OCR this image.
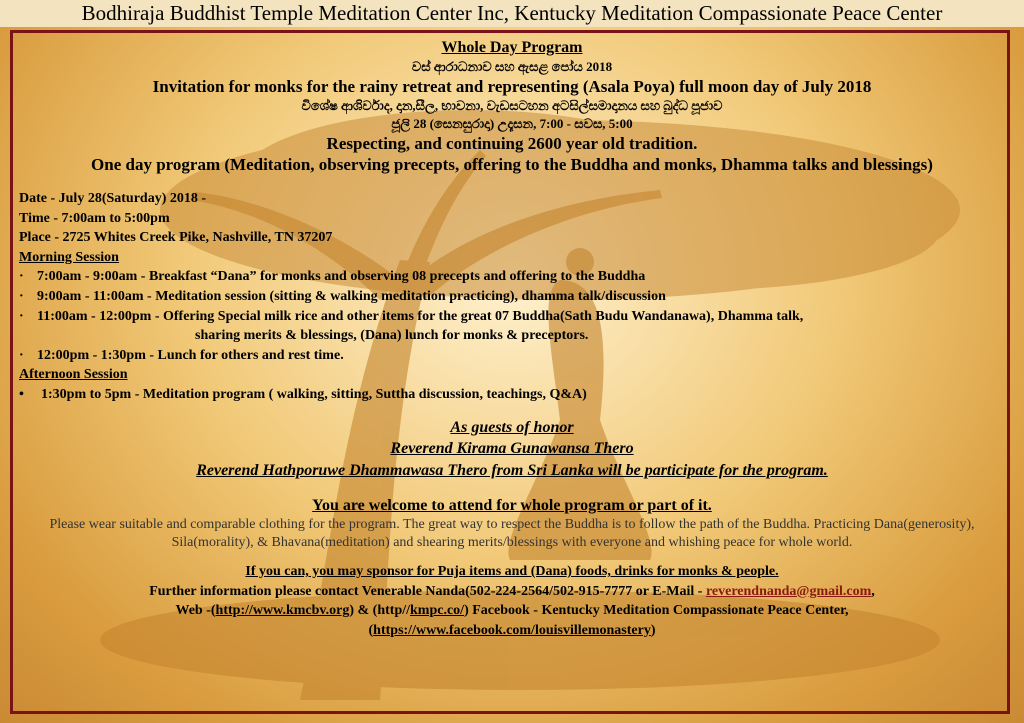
Bodhiraja Buddhist Temple Meditation Center Inc, Kentucky Meditation Compassionate Peace Center
Whole Day Program
වස් ආරාධනාව සහ ඇසළ පෝය 2018
Invitation for monks for the rainy retreat and representing (Asala Poya) full moon day of July 2018
විශේෂ ආශිර්වාද, දාන,සීල, භාවනා, වැඩසටහන අටසිල්සමාදානය සහ බුද්ධ පූජාව
ජූලි 28 (සෙනසුරාදා) උදෑසන, 7:00 - සවස, 5:00
Respecting, and continuing 2600 year old tradition.
One day program (Meditation, observing precepts, offering to the Buddha and monks, Dhamma talks and blessings)
Date - July 28(Saturday) 2018 -
Time - 7:00am to 5:00pm
Place - 2725 Whites Creek Pike, Nashville, TN 37207
Morning Session
· 7:00am - 9:00am - Breakfast “Dana” for monks and observing 08 precepts and offering to the Buddha
· 9:00am - 11:00am - Meditation session (sitting & walking meditation practicing), dhamma talk/discussion
· 11:00am - 12:00pm - Offering Special milk rice and other items for the great 07 Buddha(Sath Budu Wandanawa), Dhamma talk,
sharing merits & blessings, (Dana) lunch for monks & preceptors.
· 12:00pm - 1:30pm - Lunch for others and rest time.
Afternoon Session
•	1:30pm to 5pm - Meditation program ( walking, sitting, Suttha discussion, teachings, Q&A)
As guests of honor
Reverend Kirama Gunawansa Thero
Reverend Hathporuwe Dhammawasa Thero from Sri Lanka will be participate for the program.
You are welcome to attend for whole program or part of it.
Please wear suitable and comparable clothing for the program. The great way to respect the Buddha is to follow the path of the Buddha. Practicing Dana(generosity), Sila(morality), & Bhavana(meditation) and shearing merits/blessings with everyone and whishing peace for whole world.
If you can, you may sponsor for Puja items and (Dana) foods, drinks for monks & people.
Further information please contact Venerable Nanda(502-224-2564/502-915-7777 or E-Mail - reverendnanda@gmail.com,
Web -(http://www.kmcbv.org) & (http//kmpc.co/) Facebook - Kentucky Meditation Compassionate Peace Center,
(https://www.facebook.com/louisvillemonastery)
